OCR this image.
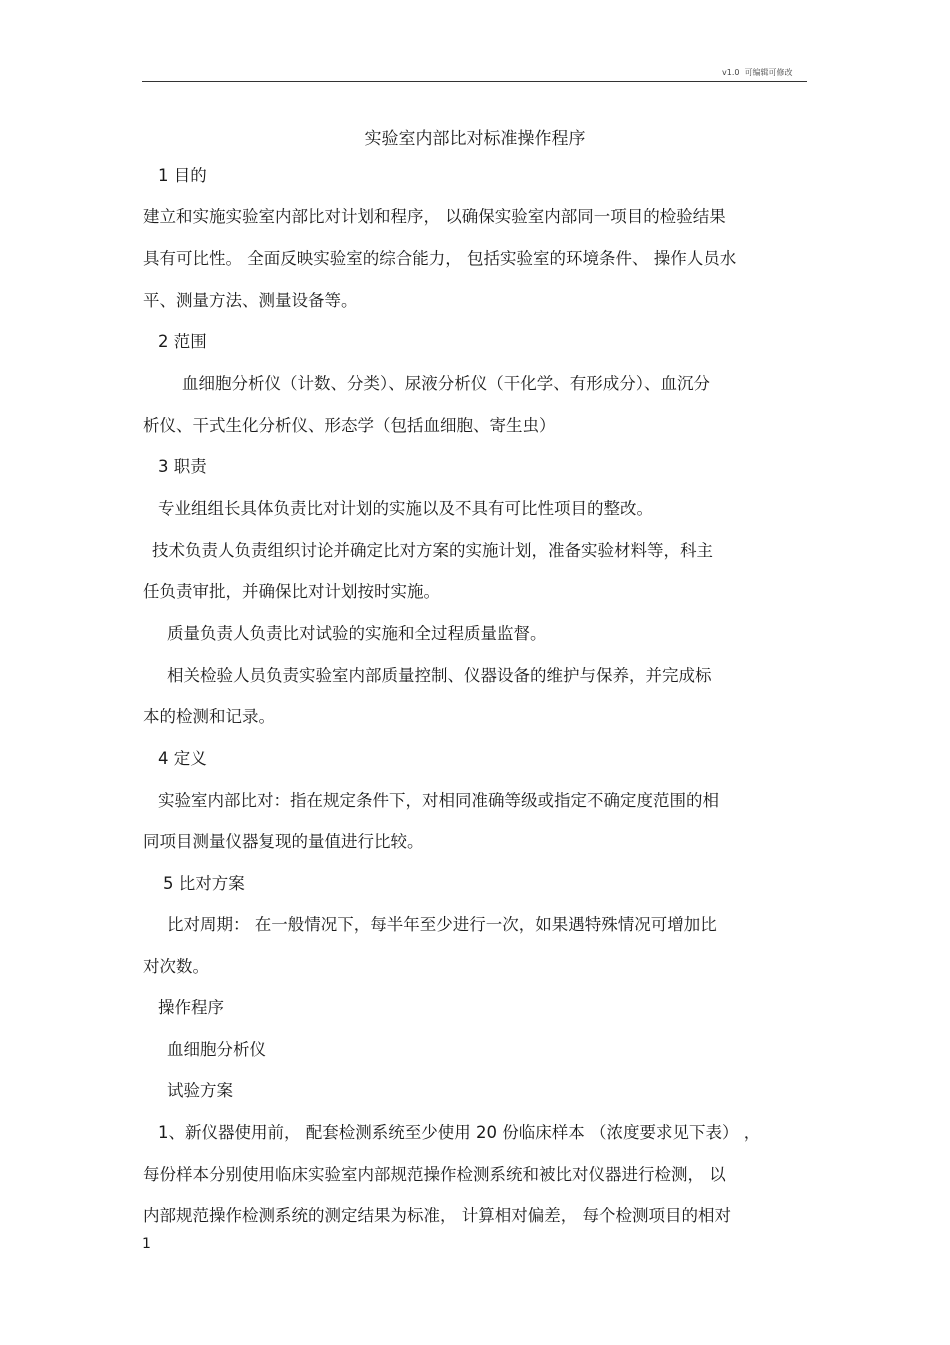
v1.0 可编辑可修改
实验室内部比对标准操作程序
1 目的
建立和实施实验室内部比对计划和程序， 以确保实验室内部同一项目的检验结果
具有可比性。 全面反映实验室的综合能力， 包括实验室的环境条件、 操作人员水
平、测量方法、测量设备等。
2 范围
血细胞分析仪（计数、分类）、尿液分析仪（干化学、有形成分）、血沉分
析仪、干式生化分析仪、形态学（包括血细胞、寄生虫）
3 职责
专业组组长具体负责比对计划的实施以及不具有可比性项目的整改。
技术负责人负责组织讨论并确定比对方案的实施计划，准备实验材料等，科主
任负责审批，并确保比对计划按时实施。
质量负责人负责比对试验的实施和全过程质量监督。
相关检验人员负责实验室内部质量控制、仪器设备的维护与保养，并完成标
本的检测和记录。
4 定义
实验室内部比对：指在规定条件下，对相同准确等级或指定不确定度范围的相
同项目测量仪器复现的量值进行比较。
5 比对方案
比对周期： 在一般情况下，每半年至少进行一次，如果遇特殊情况可增加比
对次数。
操作程序
血细胞分析仪
试验方案
1、新仪器使用前， 配套检测系统至少使用 20 份临床样本 （浓度要求见下表） ，
每份样本分别使用临床实验室内部规范操作检测系统和被比对仪器进行检测， 以
内部规范操作检测系统的测定结果为标准， 计算相对偏差， 每个检测项目的相对
1
